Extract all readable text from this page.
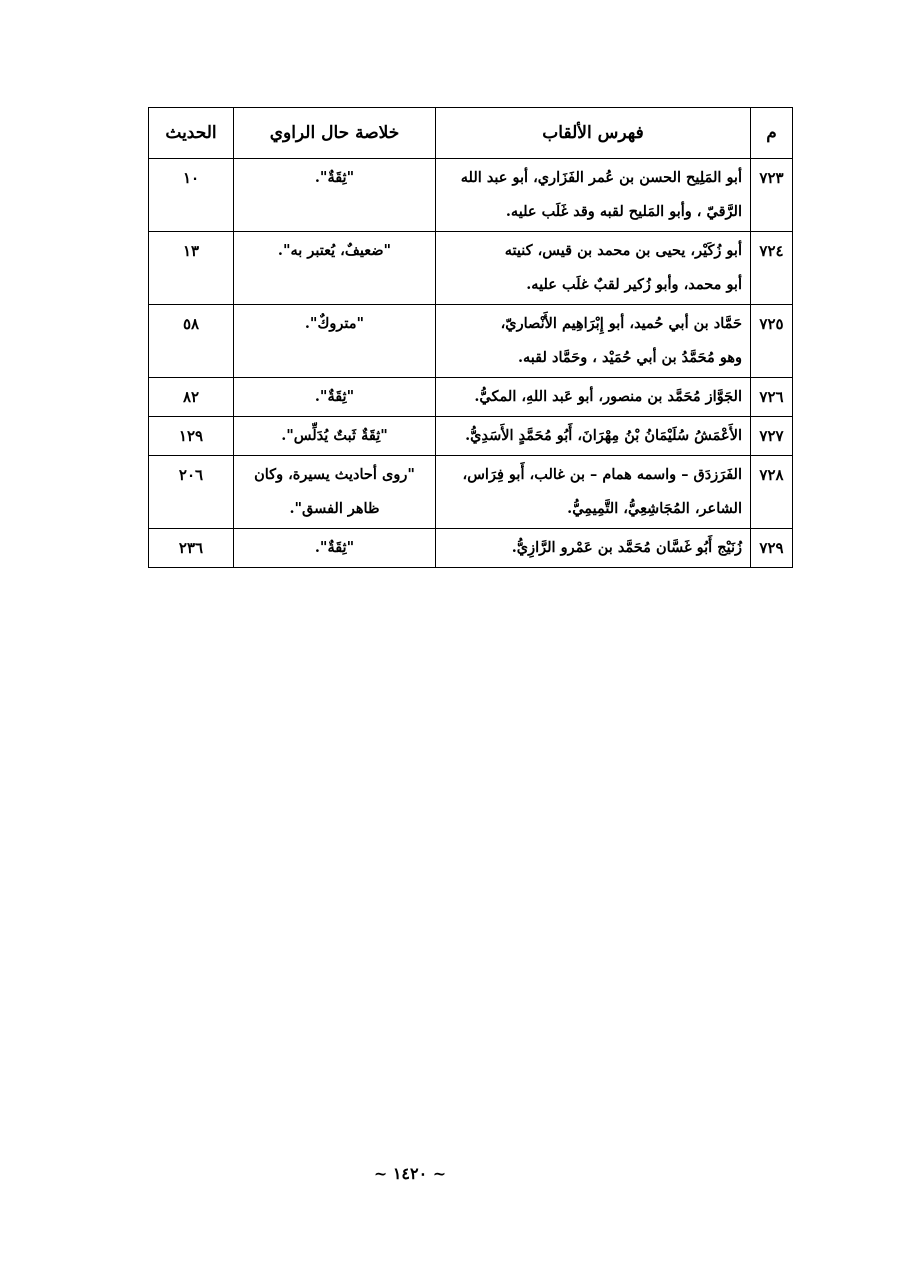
م	فهرس الألقاب	خلاصة حال الراوي	الحديث
٧٢٣	أبو المَلِيح الحسن بن عُمر الفَزَاري، أبو عبد الله
الرَّقيّ ، وأبو المَليح لقبه وقد غَلَب عليه.	"ثِقَةٌ".	١٠
٧٢٤	أبو زُكَيْر، يحيى بن محمد بن قيس، كنيته
أبو محمد، وأبو زُكير لقبٌ غلَب عليه.	"ضعيفٌ، يُعتبر به".	١٣
٧٢٥	حَمَّاد بن أبي حُميد، أبو إِبْرَاهِيم الأَنْصاريّ،
وهو مُحَمَّدُ بن أبي حُمَيْد ، وحَمَّاد لقبه.	"متروكٌ".	٥٨
٧٢٦	الجَوَّاز مُحَمَّد بن منصور، أبو عَبد اللهِ، المكيُّ.	"ثِقَةٌ".	٨٢
٧٢٧	الأَعْمَشُ سُلَيْمَانُ بْنُ مِهْرَانَ، أَبُو مُحَمَّدٍ الأَسَدِيُّ.	"ثِقَةٌ ثَبتٌ يُدَلِّس".	١٢٩
٧٢٨	الفَرَزدَق – واسمه همام – بن غالب، أَبو فِرَاس،
الشاعر، المُجَاشِعِيُّ، التَّمِيمِيُّ.	"روى أحاديث يسيرة، وكان
ظاهر الفسق".	٢٠٦
٧٢٩	زُنَيْج أَبُو غَسَّان مُحَمَّد بن عَمْرو الرَّازِيُّ.	"ثِقَةٌ".	٢٣٦
~ ١٤٢٠ ~
